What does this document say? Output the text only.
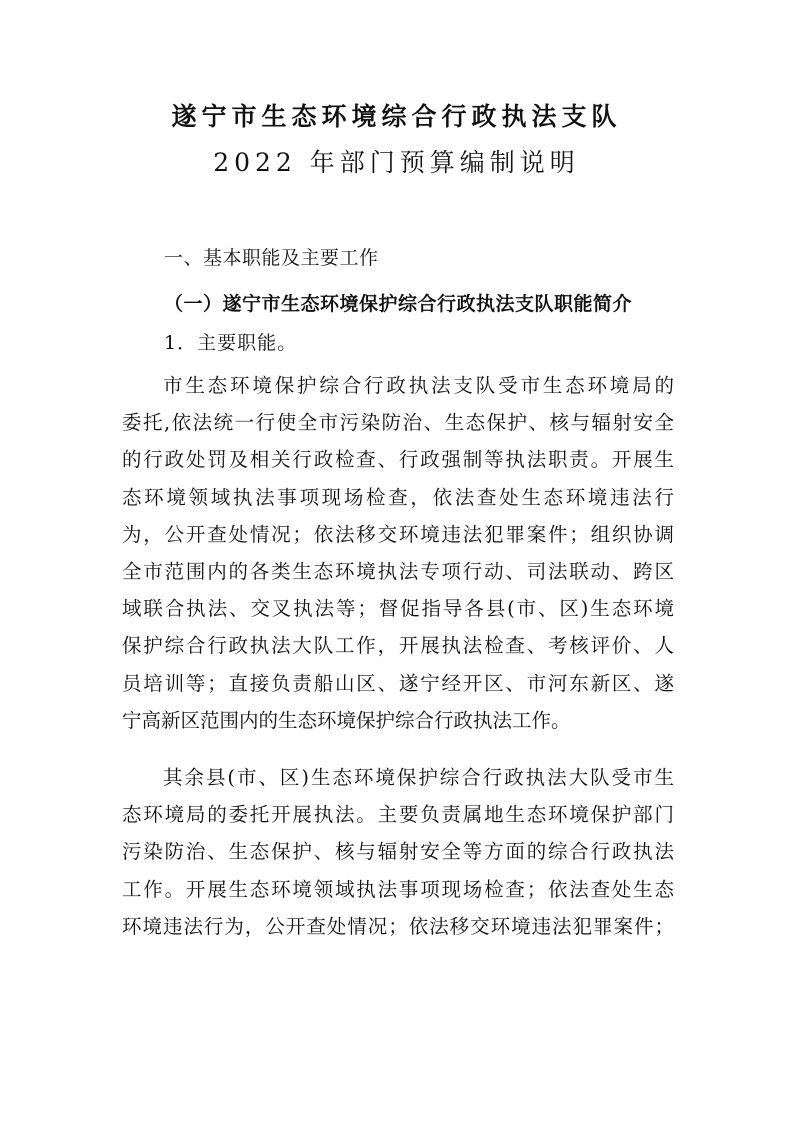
遂宁市生态环境综合行政执法支队
2022 年部门预算编制说明
一、基本职能及主要工作
（一）遂宁市生态环境保护综合行政执法支队职能简介
1．主要职能。
市生态环境保护综合行政执法支队受市生态环境局的
委托,依法统一行使全市污染防治、生态保护、核与辐射安全
的行政处罚及相关行政检查、行政强制等执法职责。开展生
态环境领域执法事项现场检查，依法查处生态环境违法行
为，公开查处情况；依法移交环境违法犯罪案件；组织协调
全市范围内的各类生态环境执法专项行动、司法联动、跨区
域联合执法、交叉执法等；督促指导各县(市、区)生态环境
保护综合行政执法大队工作，开展执法检查、考核评价、人
员培训等；直接负责船山区、遂宁经开区、市河东新区、遂
宁高新区范围内的生态环境保护综合行政执法工作。
其余县(市、区)生态环境保护综合行政执法大队受市生
态环境局的委托开展执法。主要负责属地生态环境保护部门
污染防治、生态保护、核与辐射安全等方面的综合行政执法
工作。开展生态环境领域执法事项现场检查；依法查处生态
环境违法行为，公开查处情况；依法移交环境违法犯罪案件；
